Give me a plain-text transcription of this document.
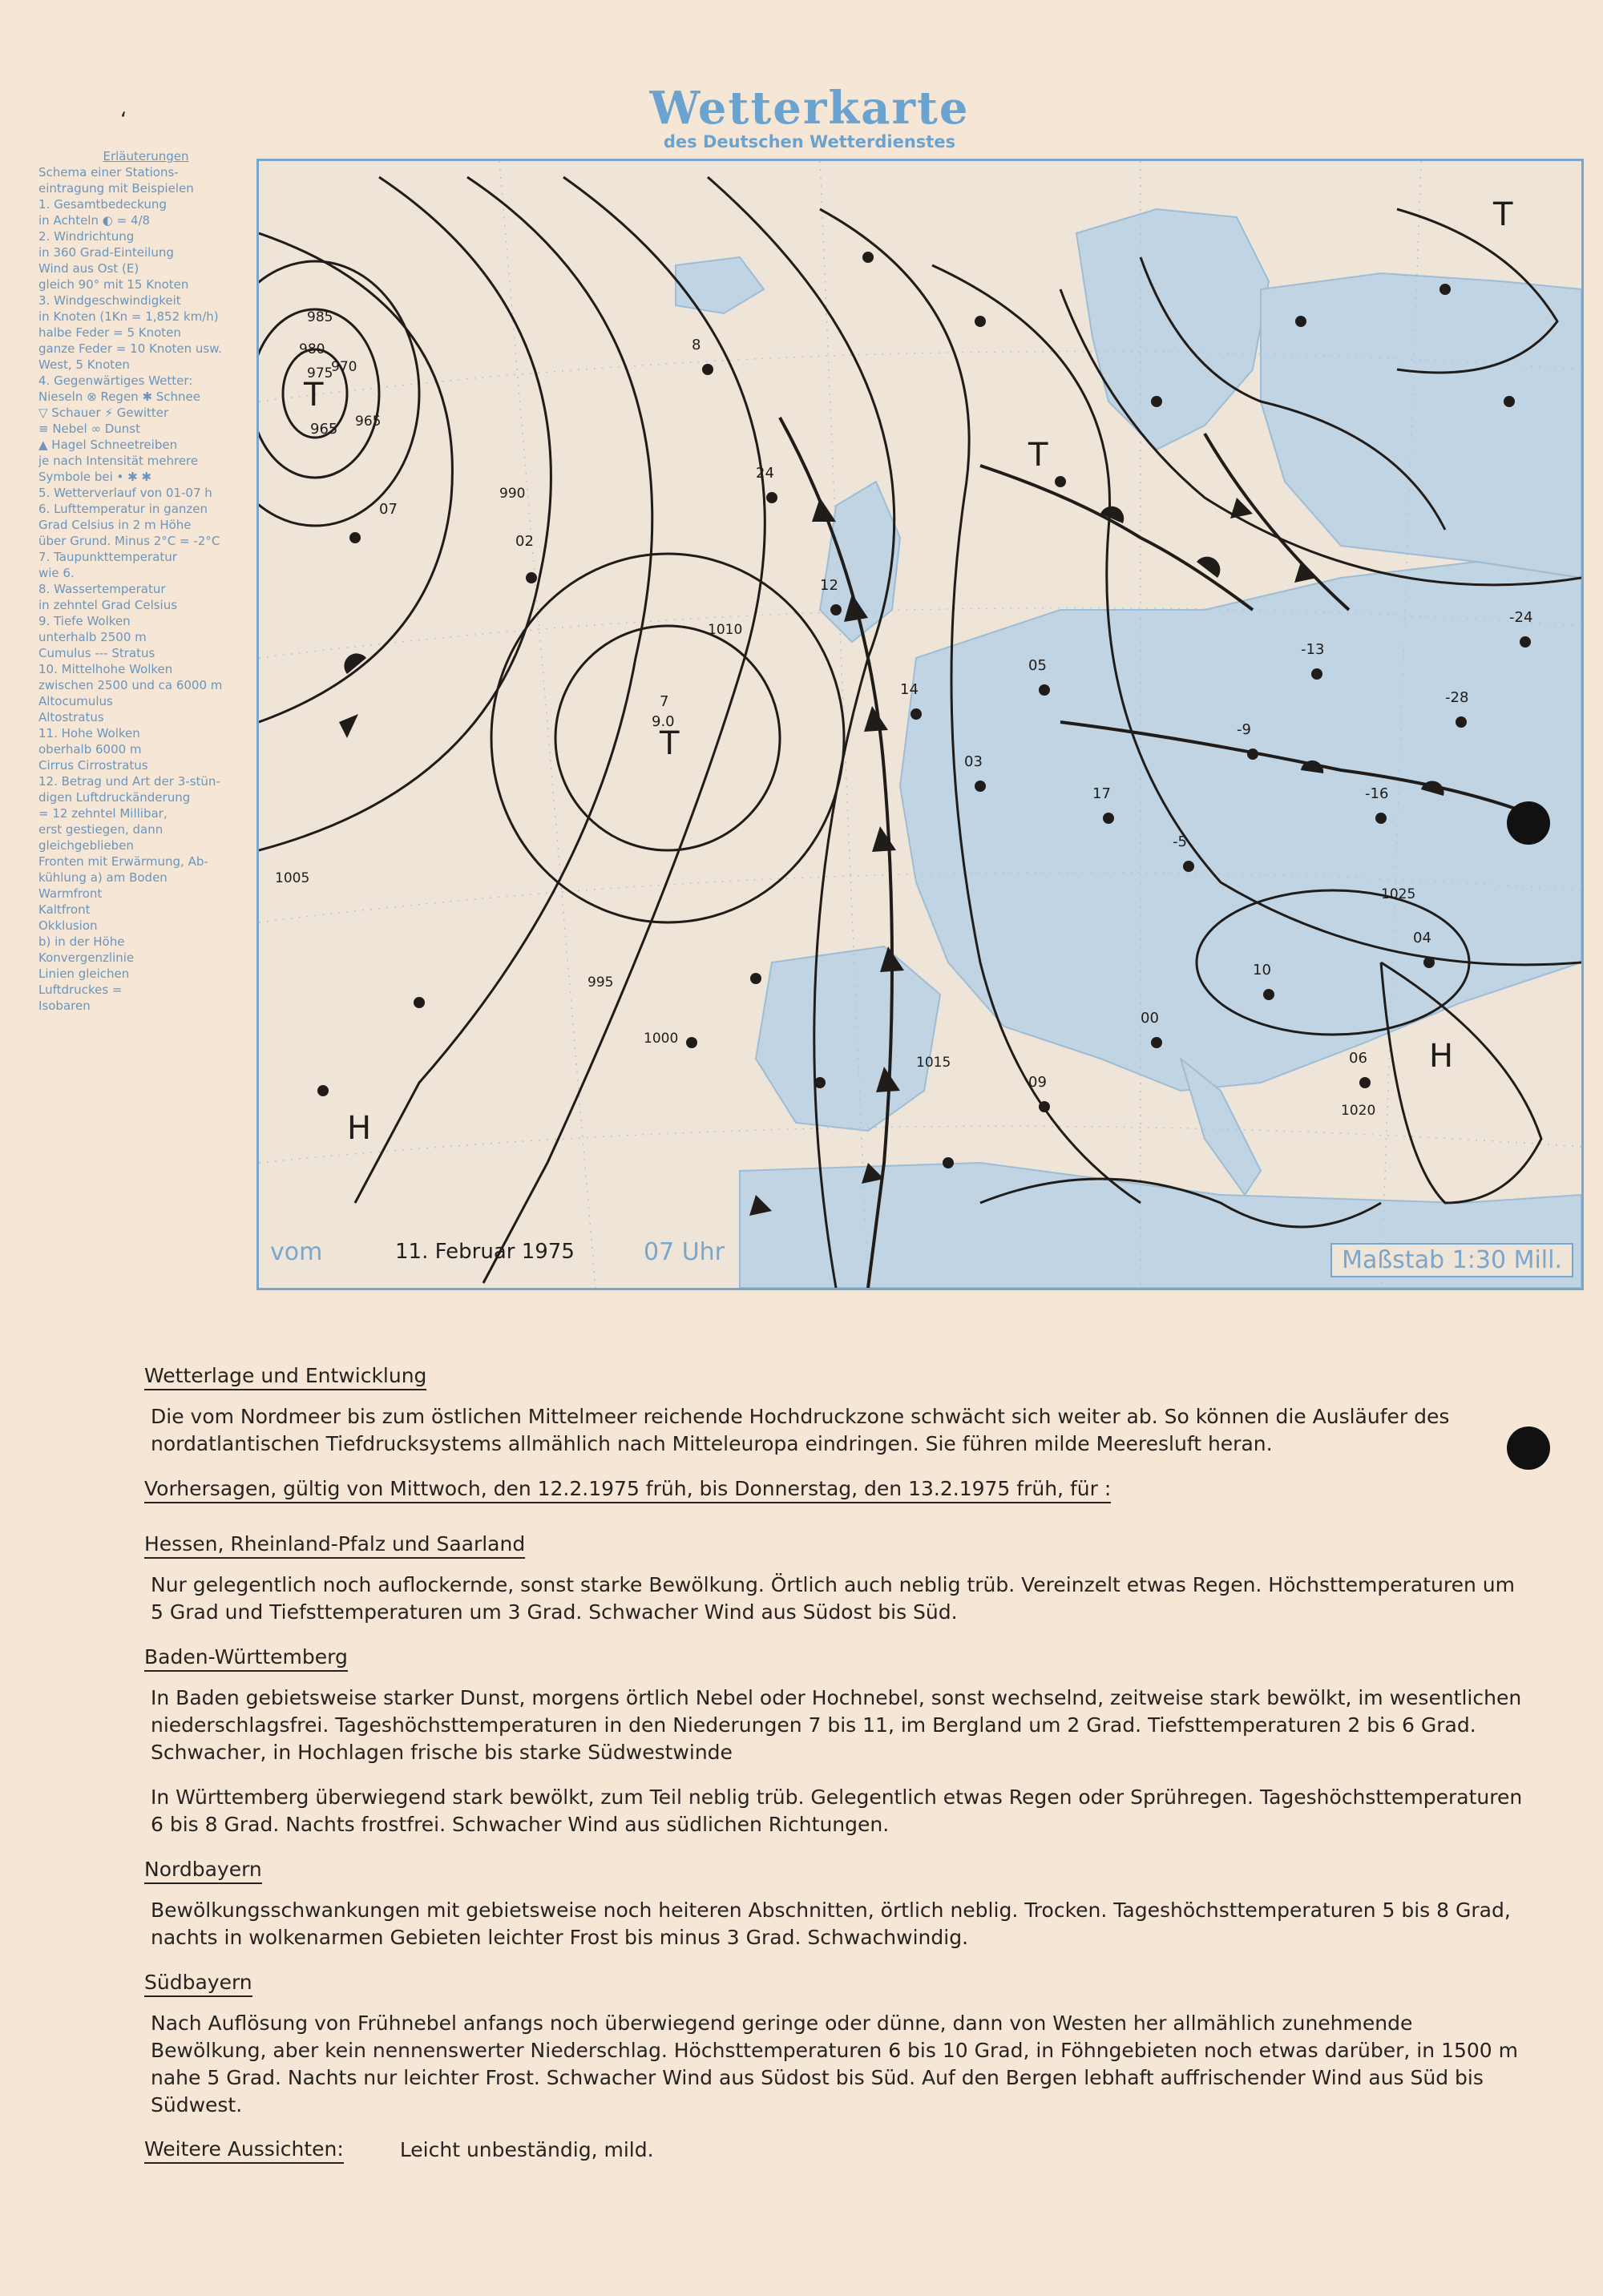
ʻ	Wetterkarte
des Deutschen Wetterdienstes
Erläuterungen
Schema einer Stations-
eintragung mit Beispielen
1. Gesamtbedeckung
in Achteln ◐ = 4/8
2. Windrichtung
in 360 Grad-Einteilung
Wind aus Ost (E)
gleich 90° mit 15 Knoten
3. Windgeschwindigkeit
in Knoten (1Kn = 1,852 km/h)
halbe Feder = 5 Knoten
ganze Feder = 10 Knoten usw.
West, 5 Knoten
4. Gegenwärtiges Wetter:
Nieseln ⊗ Regen ✱ Schnee
▽ Schauer ⚡ Gewitter
≡ Nebel ∞ Dunst
▲ Hagel Schneetreiben
je nach Intensität mehrere
Symbole bei • ✱ ✱
5. Wetterverlauf von 01-07 h
6. Lufttemperatur in ganzen
Grad Celsius in 2 m Höhe
über Grund. Minus 2°C = -2°C
7. Taupunkttemperatur
wie 6.
8. Wassertemperatur
in zehntel Grad Celsius
9. Tiefe Wolken
unterhalb 2500 m
Cumulus --- Stratus
10. Mittelhohe Wolken
zwischen 2500 und ca 6000 m
Altocumulus
Altostratus
11. Hohe Wolken
oberhalb 6000 m
Cirrus Cirrostratus
12. Betrag und Art der 3-stün-
digen Luftdruckänderung
= 12 zehntel Millibar,
erst gestiegen, dann
gleichgeblieben
Fronten mit Erwärmung, Ab-
kühlung a) am Boden
Warmfront
Kaltfront
Okklusion
b) in der Höhe
Konvergenzlinie
Linien gleichen
Luftdruckes =
Isobaren
T
965
T
H
H
T
T
985
980
975
970
965
990
995
1000
1005
1010
1015
1020
1025
07
02
8
24
12
14
03
05
17
-5
-9
-13
-16
-28
-24
04
06
10
00
09
7
9.0
vom	11. Februar 1975	07 Uhr	Maßstab 1:30 Mill.
Wetterlage und Entwicklung

Die vom Nordmeer bis zum östlichen Mittelmeer reichende Hochdruckzone schwächt sich weiter ab. So können die Ausläufer des nordatlantischen Tiefdrucksystems allmählich nach Mitteleuropa eindringen. Sie führen milde Meeresluft heran.

Vorhersagen, gültig von Mittwoch, den 12.2.1975 früh, bis Donnerstag, den 13.2.1975 früh, für :
Hessen, Rheinland-Pfalz und Saarland

Nur gelegentlich noch auflockernde, sonst starke Bewölkung. Örtlich auch neblig trüb. Vereinzelt etwas Regen. Höchsttemperaturen um 5 Grad und Tiefsttemperaturen um 3 Grad. Schwacher Wind aus Südost bis Süd.

Baden-Württemberg

In Baden gebietsweise starker Dunst, morgens örtlich Nebel oder Hochnebel, sonst wechselnd, zeitweise stark bewölkt, im wesentlichen niederschlagsfrei. Tageshöchsttemperaturen in den Niederungen 7 bis 11, im Bergland um 2 Grad. Tiefsttemperaturen 2 bis 6 Grad. Schwacher, in Hochlagen frische bis starke Südwestwinde

In Württemberg überwiegend stark bewölkt, zum Teil neblig trüb. Gelegentlich etwas Regen oder Sprühregen. Tageshöchsttemperaturen 6 bis 8 Grad. Nachts frostfrei. Schwacher Wind aus südlichen Richtungen.

Nordbayern

Bewölkungsschwankungen mit gebietsweise noch heiteren Abschnitten, örtlich neblig. Trocken. Tageshöchsttemperaturen 5 bis 8 Grad, nachts in wolkenarmen Gebieten leichter Frost bis minus 3 Grad. Schwachwindig.

Südbayern

Nach Auflösung von Frühnebel anfangs noch überwiegend geringe oder dünne, dann von Westen her allmählich zunehmende Bewölkung, aber kein nennenswerter Niederschlag. Höchsttemperaturen 6 bis 10 Grad, in Föhngebieten noch etwas darüber, in 1500 m nahe 5 Grad. Nachts nur leichter Frost. Schwacher Wind aus Südost bis Süd. Auf den Bergen lebhaft auffrischender Wind aus Süd bis Südwest.

Weitere Aussichten:	Leicht unbeständig, mild.
